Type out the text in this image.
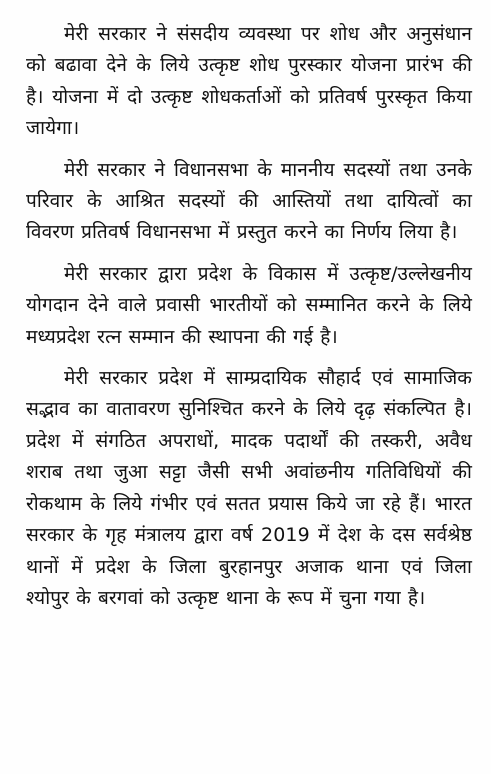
मेरी सरकार ने संसदीय व्यवस्था पर शोध और अनुसंधान को बढावा देने के लिये उत्कृष्ट शोध पुरस्कार योजना प्रारंभ की है। योजना में दो उत्कृष्ट शोधकर्ताओं को प्रतिवर्ष पुरस्कृत किया जायेगा।

मेरी सरकार ने विधानसभा के माननीय सदस्यों तथा उनके परिवार के आश्रित सदस्यों की आस्तियों तथा दायित्वों का विवरण प्रतिवर्ष विधानसभा में प्रस्तुत करने का निर्णय लिया है।

मेरी सरकार द्वारा प्रदेश के विकास में उत्कृष्ट/उल्लेखनीय योगदान देने वाले प्रवासी भारतीयों को सम्मानित करने के लिये मध्यप्रदेश रत्न सम्मान की स्थापना की गई है।

मेरी सरकार प्रदेश में साम्प्रदायिक सौहार्द एवं सामाजिक सद्भाव का वातावरण सुनिश्चित करने के लिये दृढ़ संकल्पित है। प्रदेश में संगठित अपराधों, मादक पदार्थों की तस्करी, अवैध शराब तथा जुआ सट्टा जैसी सभी अवांछनीय गतिविधियों की रोकथाम के लिये गंभीर एवं सतत प्रयास किये जा रहे हैं। भारत सरकार के गृह मंत्रालय द्वारा वर्ष 2019 में देश के दस सर्वश्रेष्ठ थानों में प्रदेश के जिला बुरहानपुर अजाक थाना एवं जिला श्योपुर के बरगवां को उत्कृष्ट थाना के रूप में चुना गया है।
